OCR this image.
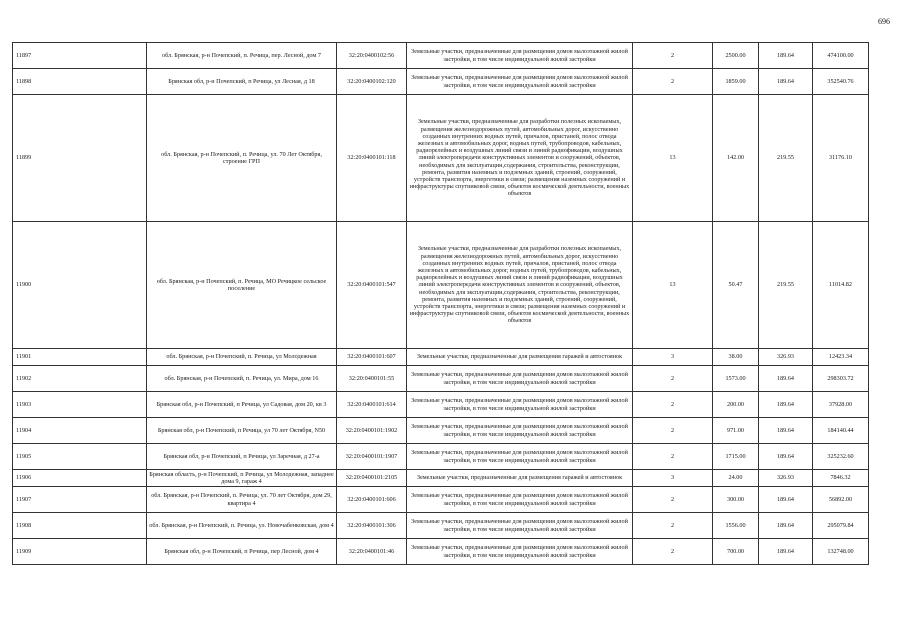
696
11897	обл. Брянская, р-н Почепский, п. Речица, пер. Лесной, дом 7	32:20:0400102:56	Земельные участки, предназначенные для размещения домов малоэтажной жилой застройки, в том числе индивидуальной жилой застройки	2	2500.00	189.64	474100.00
11898	Брянская обл, р-н Почепский, п Речица, ул Лесная, д 18	32:20:0400102:120	Земельные участки, предназначенные для размещения домов малоэтажной жилой застройки, в том числе индивидуальной жилой застройки	2	1859.00	189.64	352540.76
11899	обл. Брянская, р-н Почепский, п. Речица, ул. 70 Лет Октября, строение ГРП	32:20:0400101:118	Земельные участки, предназначенные для разработки полезных ископаемых, размещения железнодорожных путей, автомобильных дорог, искусственно созданных внутренних водных путей, причалов, пристаней, полос отвода железных и автомобильных дорог, водных путей, трубопроводов, кабельных, радиорелейных и воздушных линий связи и линий радиофикации, воздушных линий электропередачи конструктивных элементов и сооружений, объектов, необходимых для эксплуатации,содержания, строительства, реконструкции, ремонта, развития наземных и подземных зданий, строений, сооружений, устройств транспорта, энергетики и связи; размещения наземных сооружений и инфраструктуры спутниковой связи, объектов космической деятельности, военных объектов	13	142.00	219.55	31176.10
11900	обл. Брянская, р-н Почепский, п. Речица, МО Речицкое сельское поселение	32:20:0400101:547	Земельные участки, предназначенные для разработки полезных ископаемых, размещения железнодорожных путей, автомобильных дорог, искусственно созданных внутренних водных путей, причалов, пристаней, полос отвода железных и автомобильных дорог, водных путей, трубопроводов, кабельных, радиорелейных и воздушных линий связи и линий радиофикации, воздушных линий электропередачи конструктивных элементов и сооружений, объектов, необходимых для эксплуатации,содержания, строительства, реконструкции, ремонта, развития наземных и подземных зданий, строений, сооружений, устройств транспорта, энергетики и связи; размещения наземных сооружений и инфраструктуры спутниковой связи, объектов космической деятельности, военных объектов	13	50.47	219.55	11014.82
11901	обл. Брянская, р-н Почепский, п. Речица, ул Молодежная	32:20:0400101:607	Земельные участки, предназначенные для размещения гаражей и автостоянок	3	38.00	326.93	12423.34
11902	обл. Брянская, р-н Почепский, п. Речица, ул. Мира, дом 16	32:20:0400101:55	Земельные участки, предназначенные для размещения домов малоэтажной жилой застройки, в том числе индивидуальной жилой застройки	2	1573.00	189.64	298303.72
11903	Брянская обл, р-н Почепский, п Речица, ул Садовая, дом 20, кв 3	32:20:0400101:614	Земельные участки, предназначенные для размещения домов малоэтажной жилой застройки, в том числе индивидуальной жилой застройки	2	200.00	189.64	37928.00
11904	Брянская обл, р-н Почепский, п Речица, ул 70 лет Октября, N50	32:20:0400101:1902	Земельные участки, предназначенные для размещения домов малоэтажной жилой застройки, в том числе индивидуальной жилой застройки	2	971.00	189.64	184140.44
11905	Брянская обл, р-н Почепский, п Речица, ул Заречная, д 27-а	32:20:0400101:1907	Земельные участки, предназначенные для размещения домов малоэтажной жилой застройки, в том числе индивидуальной жилой застройки	2	1715.00	189.64	325232.60
11906	Брянская область, р-н Почепский, п Речица, ул Молодежная, западнее дома 9, гараж 4	32:20:0400101:2105	Земельные участки, предназначенные для размещения гаражей и автостоянок	3	24.00	326.93	7846.32
11907	обл. Брянская, р-н Почепский, п. Речица, ул. 70 лет Октября, дом 29, квартира 4	32:20:0400101:606	Земельные участки, предназначенные для размещения домов малоэтажной жилой застройки, в том числе индивидуальной жилой застройки	2	300.00	189.64	56892.00
11908	обл. Брянская, р-н Почепский, п. Речица, ул. Новочабенковская, дом 4	32:20:0400101:306	Земельные участки, предназначенные для размещения домов малоэтажной жилой застройки, в том числе индивидуальной жилой застройки	2	1556.00	189.64	295079.84
11909	Брянская обл, р-н Почепский, п Речица, пер Лесной, дом 4	32:20:0400101:46	Земельные участки, предназначенные для размещения домов малоэтажной жилой застройки, в том числе индивидуальной жилой застройки	2	700.00	189.64	132748.00
